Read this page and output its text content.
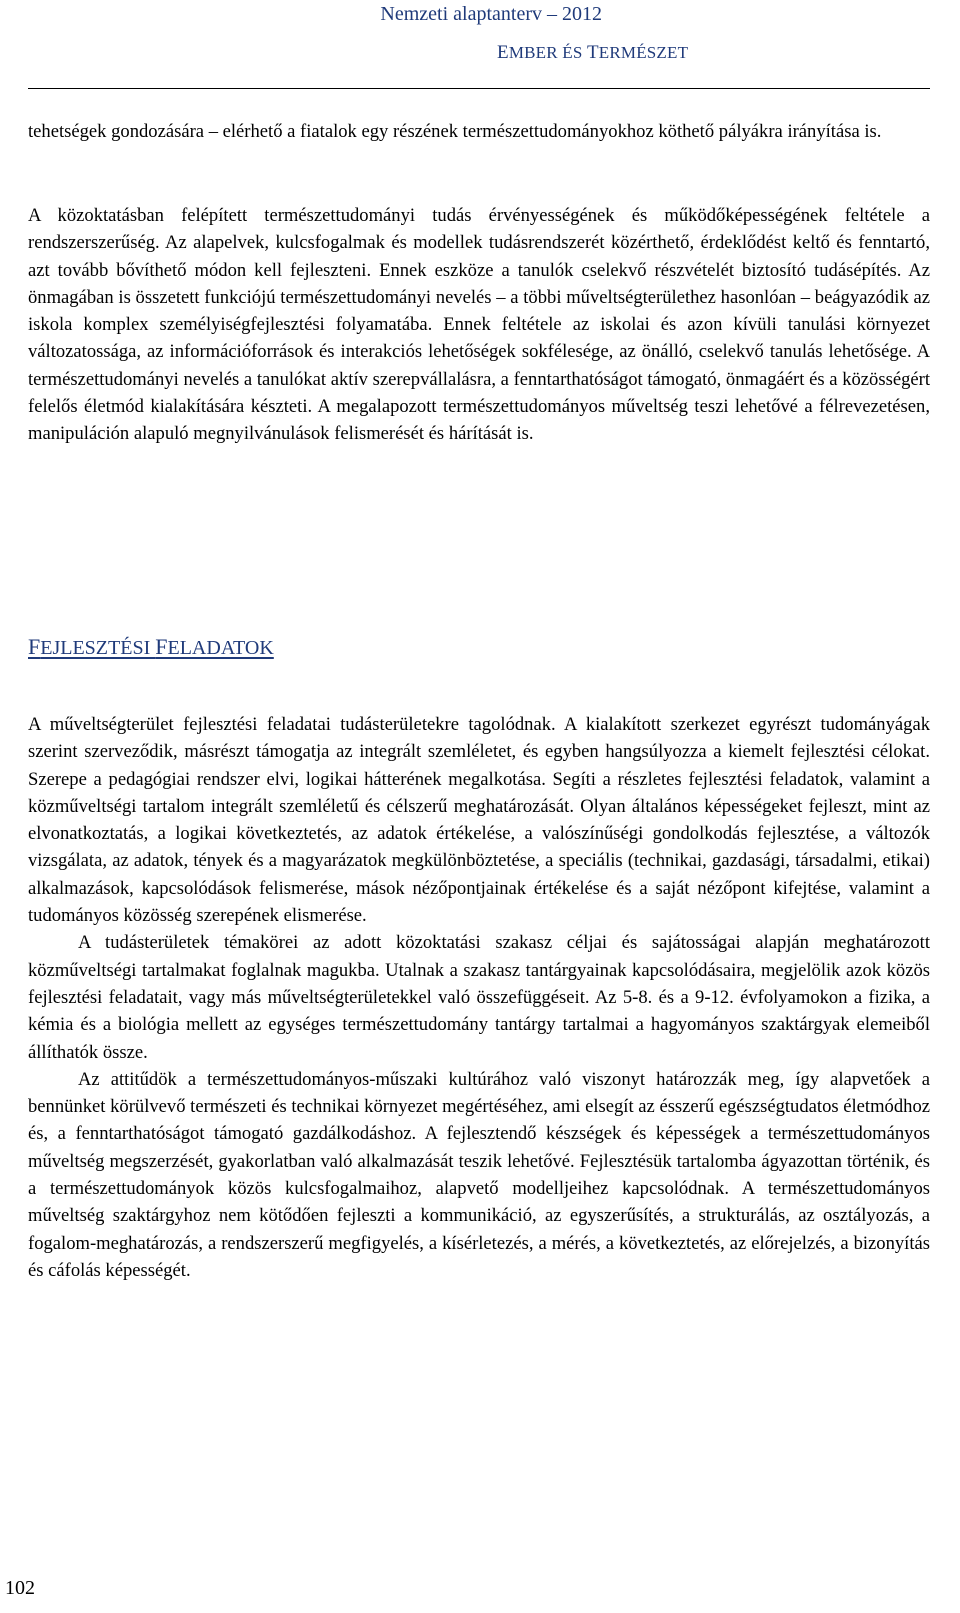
Nemzeti alaptanterv – 2012
EMBER ÉS TERMÉSZET

tehetségek gondozására – elérhető a fiatalok egy részének természettudományokhoz köthető pályákra irányítása is.

A közoktatásban felépített természettudományi tudás érvényességének és működőképességének feltétele a rendszerszerűség. Az alapelvek, kulcsfogalmak és modellek tudásrendszerét közérthető, érdeklődést keltő és fenntartó, azt tovább bővíthető módon kell fejleszteni. Ennek eszköze a tanulók cselekvő részvételét biztosító tudásépítés. Az önmagában is összetett funkciójú természettudományi nevelés – a többi műveltségterülethez hasonlóan – beágyazódik az iskola komplex személyiségfejlesztési folyamatába. Ennek feltétele az iskolai és azon kívüli tanulási környezet változatossága, az információforrások és interakciós lehetőségek sokfélesége, az önálló, cselekvő tanulás lehetősége. A természettudományi nevelés a tanulókat aktív szerepvállalásra, a fenntarthatóságot támogató, önmagáért és a közösségért felelős életmód kialakítására készteti. A megalapozott természettudományos műveltség teszi lehetővé a félrevezetésen, manipuláción alapuló megnyilvánulások felismerését és hárítását is.

FEJLESZTÉSI FELADATOK

A műveltségterület fejlesztési feladatai tudásterületekre tagolódnak. A kialakított szerkezet egyrészt tudományágak szerint szerveződik, másrészt támogatja az integrált szemléletet, és egyben hangsúlyozza a kiemelt fejlesztési célokat. Szerepe a pedagógiai rendszer elvi, logikai hátterének megalkotása. Segíti a részletes fejlesztési feladatok, valamint a közműveltségi tartalom integrált szemléletű és célszerű meghatározását. Olyan általános képességeket fejleszt, mint az elvonatkoztatás, a logikai következtetés, az adatok értékelése, a valószínűségi gondolkodás fejlesztése, a változók vizsgálata, az adatok, tények és a magyarázatok megkülönböztetése, a speciális (technikai, gazdasági, társadalmi, etikai) alkalmazások, kapcsolódások felismerése, mások nézőpontjainak értékelése és a saját nézőpont kifejtése, valamint a tudományos közösség szerepének elismerése.

A tudásterületek témakörei az adott közoktatási szakasz céljai és sajátosságai alapján meghatározott közműveltségi tartalmakat foglalnak magukba. Utalnak a szakasz tantárgyainak kapcsolódásaira, megjelölik azok közös fejlesztési feladatait, vagy más műveltségterületekkel való összefüggéseit. Az 5-8. és a 9-12. évfolyamokon a fizika, a kémia és a biológia mellett az egységes természettudomány tantárgy tartalmai a hagyományos szaktárgyak elemeiből állíthatók össze.

Az attitűdök a természettudományos-műszaki kultúrához való viszonyt határozzák meg, így alapvetőek a bennünket körülvevő természeti és technikai környezet megértéséhez, ami elsegít az ésszerű egészségtudatos életmódhoz és, a fenntarthatóságot támogató gazdálkodáshoz. A fejlesztendő készségek és képességek a természettudományos műveltség megszerzését, gyakorlatban való alkalmazását teszik lehetővé. Fejlesztésük tartalomba ágyazottan történik, és a természettudományok közös kulcsfogalmaihoz, alapvető modelljeihez kapcsolódnak. A természettudományos műveltség szaktárgyhoz nem kötődően fejleszti a kommunikáció, az egyszerűsítés, a strukturálás, az osztályozás, a fogalom-meghatározás, a rendszerszerű megfigyelés, a kísérletezés, a mérés, a következtetés, az előrejelzés, a bizonyítás és cáfolás képességét.

102
